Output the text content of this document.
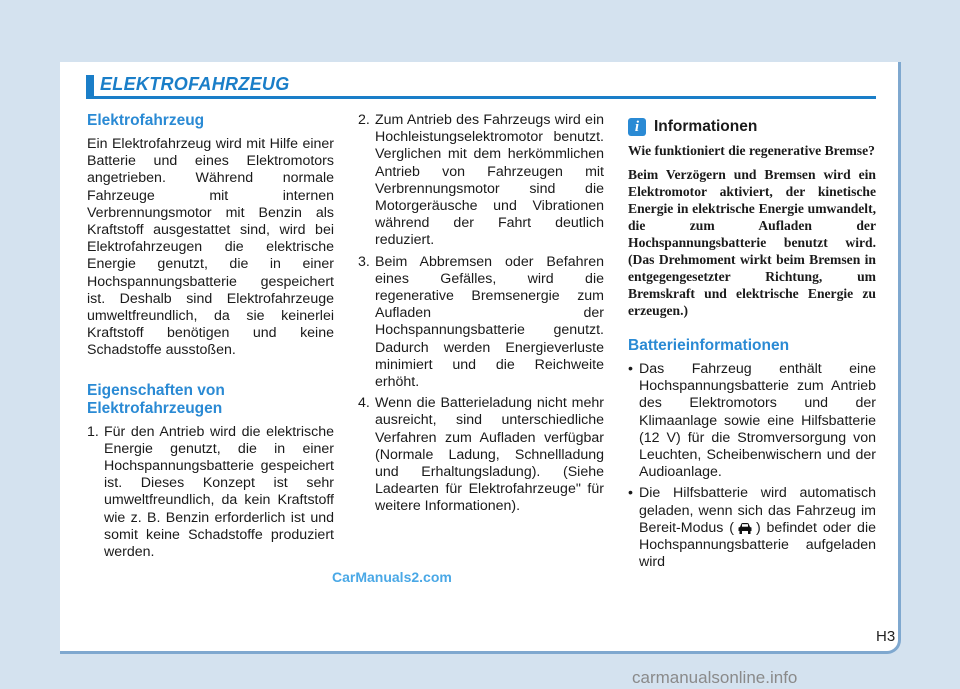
ELEKTROFAHRZEUG
Elektrofahrzeug

Ein Elektrofahrzeug wird mit Hilfe einer Batterie und eines Elektromotors angetrieben. Während normale Fahrzeuge mit internen Verbrennungsmotor mit Benzin als Kraftstoff ausgestattet sind, wird bei Elektrofahrzeugen die elektrische Energie genutzt, die in einer Hochspannungsbatterie gespeichert ist. Deshalb sind Elektrofahrzeuge umweltfreundlich, da sie keinerlei Kraftstoff benötigen und keine Schadstoffe ausstoßen.

Eigenschaften von Elektrofahrzeugen
1. Für den Antrieb wird die elektrische Energie genutzt, die in einer Hochspannungsbatterie gespeichert ist. Dieses Konzept ist sehr umweltfreundlich, da kein Kraftstoff wie z. B. Benzin erforderlich ist und somit keine Schadstoffe produziert werden.
2. Zum Antrieb des Fahrzeugs wird ein Hochleistungselektromotor benutzt. Verglichen mit dem herkömmlichen Antrieb von Fahrzeugen mit Verbrennungsmotor sind die Motorgeräusche und Vibrationen während der Fahrt deutlich reduziert.
3. Beim Abbremsen oder Befahren eines Gefälles, wird die regenerative Bremsenergie zum Aufladen der Hochspannungsbatterie genutzt. Dadurch werden Energieverluste minimiert und die Reichweite erhöht.
4. Wenn die Batterieladung nicht mehr ausreicht, sind unterschiedliche Verfahren zum Aufladen verfügbar (Normale Ladung, Schnellladung und Erhaltungsladung). (Siehe Ladearten für Elektrofahrzeuge" für weitere Informationen).
i Informationen

Wie funktioniert die regenerative Bremse?

Beim Verzögern und Bremsen wird ein Elektromotor aktiviert, der kinetische Energie in elektrische Energie umwandelt, die zum Aufladen der Hochspannungsbatterie benutzt wird. (Das Drehmoment wirkt beim Bremsen in entgegengesetzter Richtung, um Bremskraft und elektrische Energie zu erzeugen.)

Batterieinformationen
• Das Fahrzeug enthält eine Hochspannungsbatterie zum Antrieb des Elektromotors und der Klimaanlage sowie eine Hilfsbatterie (12 V) für die Stromversorgung von Leuchten, Scheibenwischern und der Audioanlage.
• Die Hilfsbatterie wird automatisch geladen, wenn sich das Fahrzeug im Bereit-Modus ( ) befindet oder die Hochspannungsbatterie aufgeladen wird
CarManuals2.com
H3
carmanualsonline.info
